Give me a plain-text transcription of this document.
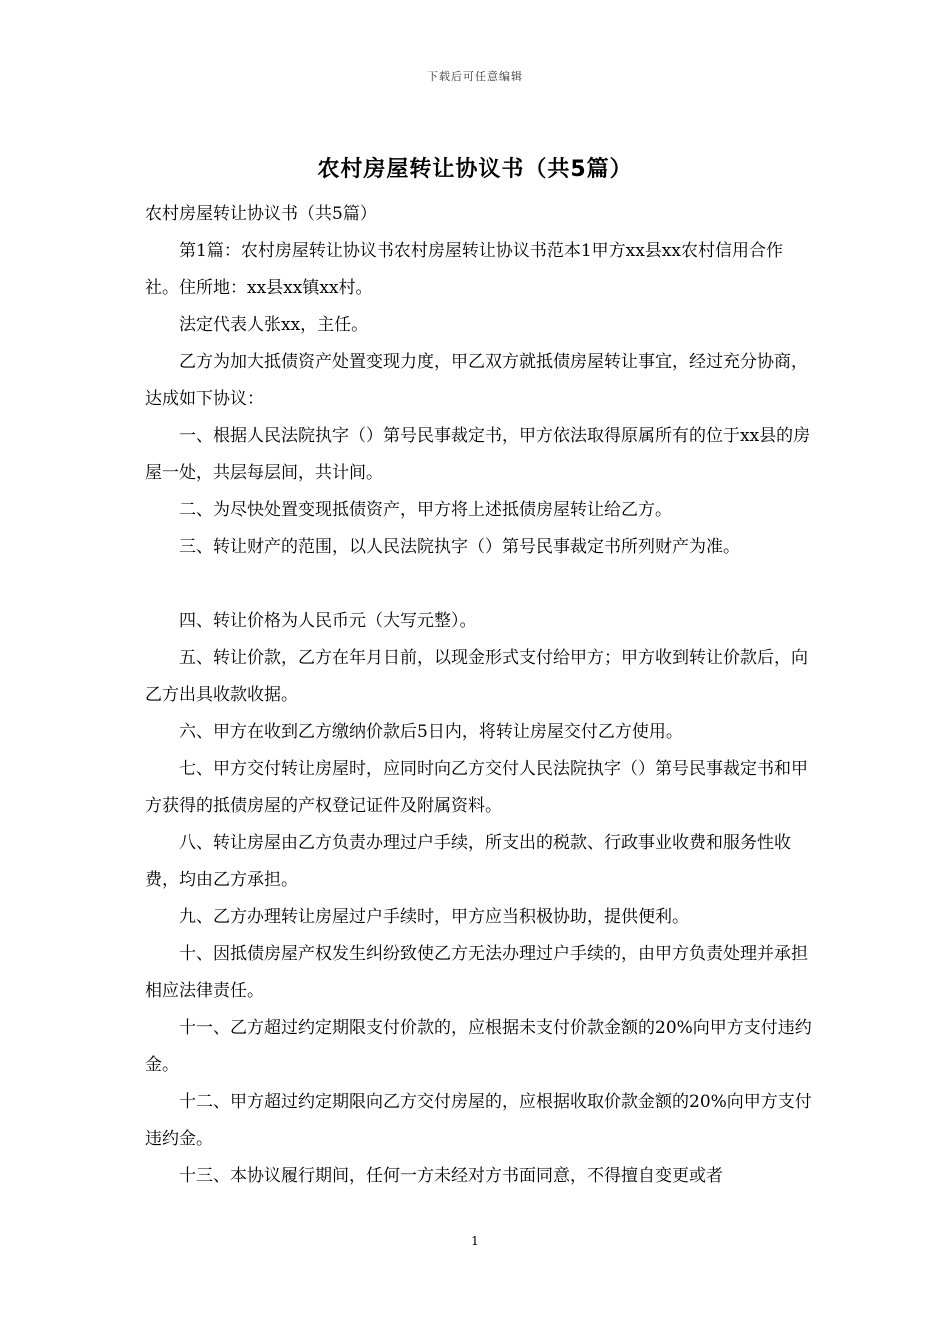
下载后可任意编辑
农村房屋转让协议书（共5篇）

农村房屋转让协议书（共5篇）

第1篇：农村房屋转让协议书农村房屋转让协议书范本1甲方xx县xx农村信用合作社。住所地：xx县xx镇xx村。

法定代表人张xx，主任。

乙方为加大抵债资产处置变现力度，甲乙双方就抵债房屋转让事宜，经过充分协商，达成如下协议：

一、根据人民法院执字（）第号民事裁定书，甲方依法取得原属所有的位于xx县的房屋一处，共层每层间，共计间。

二、为尽快处置变现抵债资产，甲方将上述抵债房屋转让给乙方。

三、转让财产的范围，以人民法院执字（）第号民事裁定书所列财产为准。

四、转让价格为人民币元（大写元整）。

五、转让价款，乙方在年月日前，以现金形式支付给甲方；甲方收到转让价款后，向乙方出具收款收据。

六、甲方在收到乙方缴纳价款后5日内，将转让房屋交付乙方使用。

七、甲方交付转让房屋时，应同时向乙方交付人民法院执字（）第号民事裁定书和甲方获得的抵债房屋的产权登记证件及附属资料。

八、转让房屋由乙方负责办理过户手续，所支出的税款、行政事业收费和服务性收费，均由乙方承担。

九、乙方办理转让房屋过户手续时，甲方应当积极协助，提供便利。

十、因抵债房屋产权发生纠纷致使乙方无法办理过户手续的，由甲方负责处理并承担相应法律责任。

十一、乙方超过约定期限支付价款的，应根据未支付价款金额的20%向甲方支付违约金。

十二、甲方超过约定期限向乙方交付房屋的，应根据收取价款金额的20%向甲方支付违约金。

十三、本协议履行期间，任何一方未经对方书面同意，不得擅自变更或者

1
